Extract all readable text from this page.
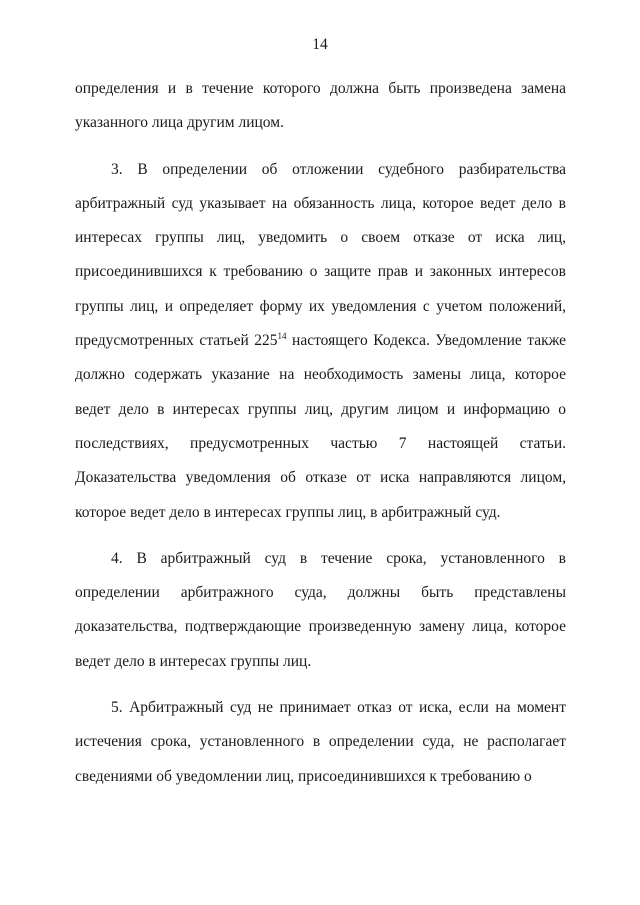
14

определения и в течение которого должна быть произведена замена указанного лица другим лицом.

3. В определении об отложении судебного разбирательства арбитражный суд указывает на обязанность лица, которое ведет дело в интересах группы лиц, уведомить о своем отказе от иска лиц, присоединившихся к требованию о защите прав и законных интересов группы лиц, и определяет форму их уведомления с учетом положений, предусмотренных статьей $225^{14}$ настоящего Кодекса. Уведомление также должно содержать указание на необходимость замены лица, которое ведет дело в интересах группы лиц, другим лицом и информацию о последствиях, предусмотренных частью 7 настоящей статьи. Доказательства уведомления об отказе от иска направляются лицом, которое ведет дело в интересах группы лиц, в арбитражный суд.

4. В арбитражный суд в течение срока, установленного в определении арбитражного суда, должны быть представлены доказательства, подтверждающие произведенную замену лица, которое ведет дело в интересах группы лиц.

5. Арбитражный суд не принимает отказ от иска, если на момент истечения срока, установленного в определении суда, не располагает сведениями об уведомлении лиц, присоединившихся к требованию о
